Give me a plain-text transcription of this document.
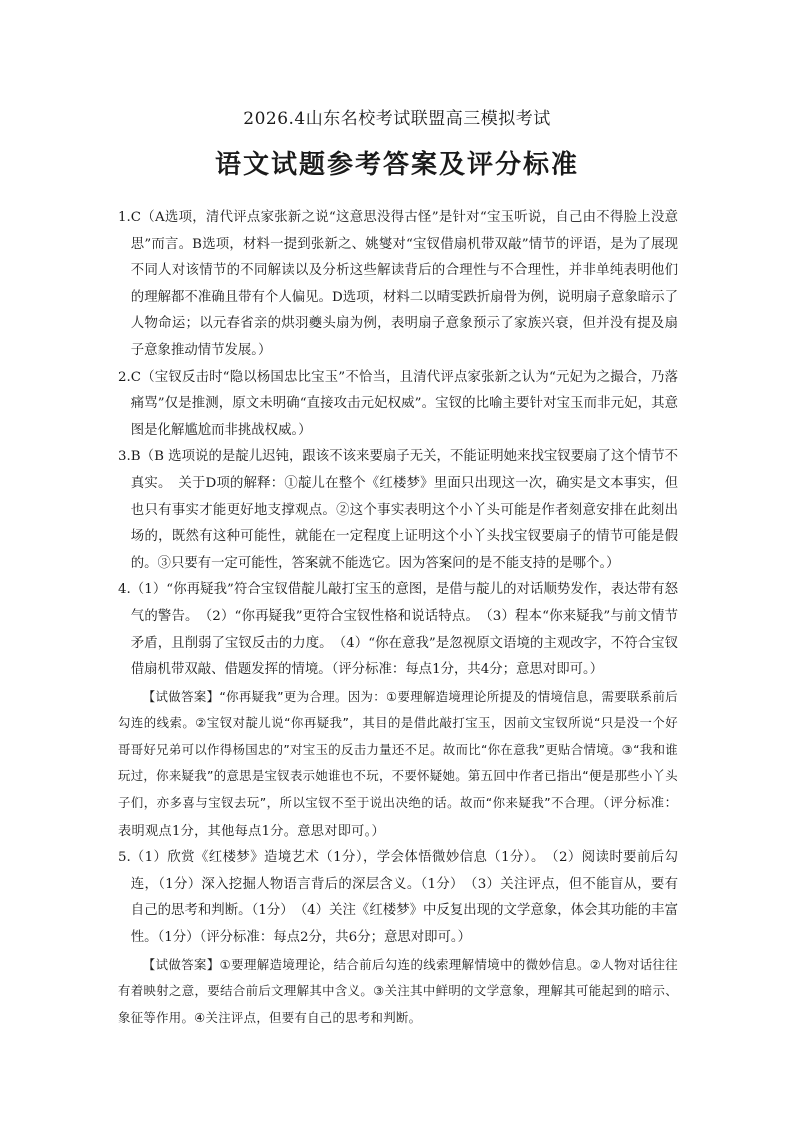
2026.4山东名校考试联盟高三模拟考试
语文试题参考答案及评分标准
1. C（A选项，清代评点家张新之说“这意思没得古怪”是针对“宝玉听说，自己由不得脸上没意思”而言。B选项，材料一提到张新之、姚燮对“宝钗借扇机带双敲”情节的评语，是为了展现不同人对该情节的不同解读以及分析这些解读背后的合理性与不合理性，并非单纯表明他们的理解都不准确且带有个人偏见。D选项，材料二以晴雯跌折扇骨为例，说明扇子意象暗示了人物命运；以元春省亲的烘羽夔头扇为例，表明扇子意象预示了家族兴衰，但并没有提及扇子意象推动情节发展。）
2. C（宝钗反击时“隐以杨国忠比宝玉”不恰当，且清代评点家张新之认为“元妃为之撮合，乃落痛骂”仅是推测，原文未明确“直接攻击元妃权威”。宝钗的比喻主要针对宝玉而非元妃，其意图是化解尴尬而非挑战权威。）
3. B（B 选项说的是靛儿迟钝，跟该不该来要扇子无关，不能证明她来找宝钗要扇了这个情节不真实。　关于D项的解释：①靛儿在整个《红楼梦》里面只出现这一次，确实是文本事实，但也只有事实才能更好地支撑观点。②这个事实表明这个小丫头可能是作者刻意安排在此刻出场的，既然有这种可能性，就能在一定程度上证明这个小丫头找宝钗要扇子的情节可能是假的。③只要有一定可能性，答案就不能选它。因为答案问的是不能支持的是哪个。）
4. （1）“你再疑我”符合宝钗借靛儿敲打宝玉的意图，是借与靛儿的对话顺势发作，表达带有怒气的警告。　（2）“你再疑我”更符合宝钗性格和说话特点。　（3）程本“你来疑我”与前文情节矛盾，且削弱了宝钗反击的力度。　（4）“你在意我”是忽视原文语境的主观改字，不符合宝钗借扇机带双敲、借题发挥的情境。（评分标准：每点1分，共4分；意思对即可。）
【试做答案】“你再疑我”更为合理。因为：①要理解造境理论所提及的情境信息，需要联系前后勾连的线索。②宝钗对靛儿说“你再疑我”，其目的是借此敲打宝玉，因前文宝钗所说“只是没一个好哥哥好兄弟可以作得杨国忠的”对宝玉的反击力量还不足。故而比“你在意我”更贴合情境。③“我和谁玩过，你来疑我”的意思是宝钗表示她谁也不玩，不要怀疑她。第五回中作者已指出“便是那些小丫头子们，亦多喜与宝钗去玩”，所以宝钗不至于说出决绝的话。故而“你来疑我”不合理。（评分标准：表明观点1分，其他每点1分。意思对即可。）
5. （1）欣赏《红楼梦》造境艺术（1分），学会体悟微妙信息（1分）。　（2）阅读时要前后勾连，（1分）深入挖掘人物语言背后的深层含义。（1分）　（3）关注评点，但不能盲从，要有自己的思考和判断。（1分）　（4）关注《红楼梦》中反复出现的文学意象，体会其功能的丰富性。（1分）（评分标准：每点2分，共6分；意思对即可。）
【试做答案】①要理解造境理论，结合前后勾连的线索理解情境中的微妙信息。②人物对话往往有着映射之意，要结合前后文理解其中含义。③关注其中鲜明的文学意象，理解其可能起到的暗示、象征等作用。④关注评点，但要有自己的思考和判断。
